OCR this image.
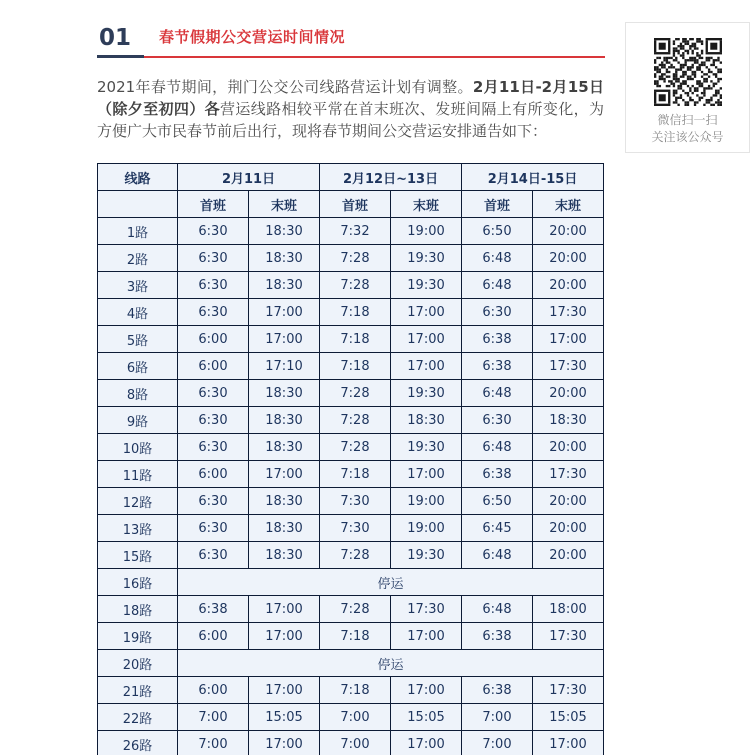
01	春节假期公交营运时间情况

2021年春节期间，荆门公交公司线路营运计划有调整。2月11日-2月15日（除夕至初四）各营运线路相较平常在首末班次、发班间隔上有所变化，为方便广大市民春节前后出行，现将春节期间公交营运安排通告如下：

线路	2月11日		2月12日~13日		2月14日-15日	
	首班	末班	首班	末班	首班	末班
1路	6:30	18:30	7:32	19:00	6:50	20:00
2路	6:30	18:30	7:28	19:30	6:48	20:00
3路	6:30	18:30	7:28	19:30	6:48	20:00
4路	6:30	17:00	7:18	17:00	6:30	17:30
5路	6:00	17:00	7:18	17:00	6:38	17:00
6路	6:00	17:10	7:18	17:00	6:38	17:30
8路	6:30	18:30	7:28	19:30	6:48	20:00
9路	6:30	18:30	7:28	18:30	6:30	18:30
10路	6:30	18:30	7:28	19:30	6:48	20:00
11路	6:00	17:00	7:18	17:00	6:38	17:30
12路	6:30	18:30	7:30	19:00	6:50	20:00
13路	6:30	18:30	7:30	19:00	6:45	20:00
15路	6:30	18:30	7:28	19:30	6:48	20:00
16路	停运					
18路	6:38	17:00	7:28	17:30	6:48	18:00
19路	6:00	17:00	7:18	17:00	6:38	17:30
20路	停运					
21路	6:00	17:00	7:18	17:00	6:38	17:30
22路	7:00	15:05	7:00	15:05	7:00	15:05
26路	7:00	17:00	7:00	17:00	7:00	17:00
微信扫一扫
关注该公众号
